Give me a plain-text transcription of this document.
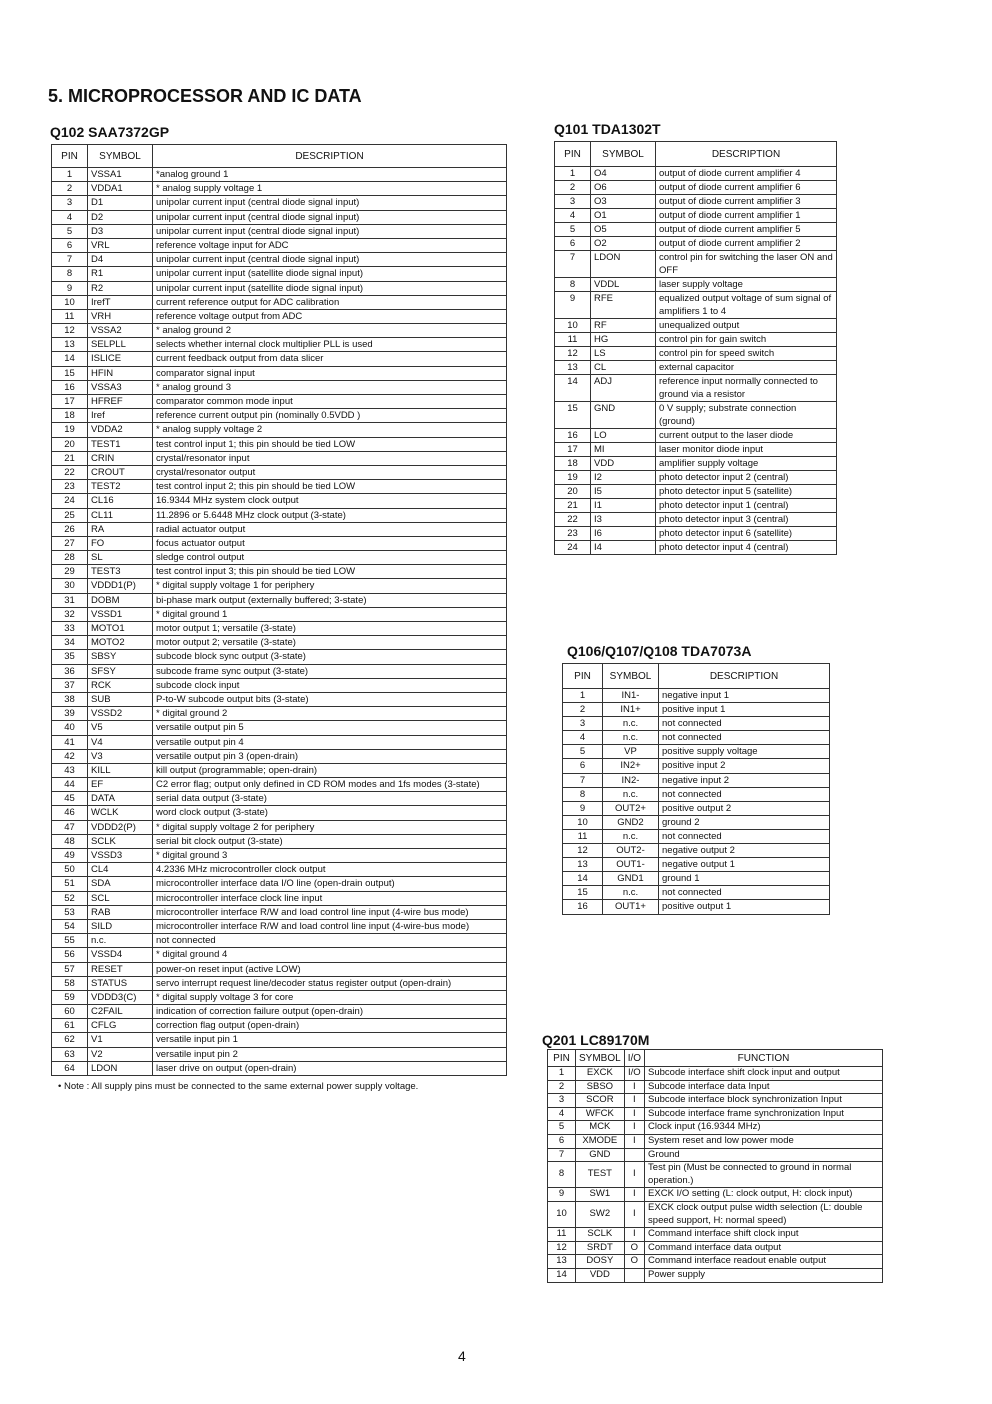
5. MICROPROCESSOR AND IC DATA
Q102 SAA7372GP
PIN	SYMBOL	DESCRIPTION
1	VSSA1	*analog ground 1
2	VDDA1	* analog supply voltage 1
3	D1	unipolar current input (central diode signal input)
4	D2	unipolar current input (central diode signal input)
5	D3	unipolar current input (central diode signal input)
6	VRL	reference voltage input for ADC
7	D4	unipolar current input (central diode signal input)
8	R1	unipolar current input (satellite diode signal input)
9	R2	unipolar current input (satellite diode signal input)
10	IrefT	current reference output for ADC calibration
11	VRH	reference voltage output from ADC
12	VSSA2	* analog ground 2
13	SELPLL	selects whether internal clock multiplier PLL is used
14	ISLICE	current feedback output from data slicer
15	HFIN	comparator signal input
16	VSSA3	* analog ground 3
17	HFREF	comparator common mode input
18	Iref	reference current output pin (nominally 0.5VDD )
19	VDDA2	* analog supply voltage 2
20	TEST1	test control input 1; this pin should be tied LOW
21	CRIN	crystal/resonator input
22	CROUT	crystal/resonator output
23	TEST2	test control input 2; this pin should be tied LOW
24	CL16	16.9344 MHz system clock output
25	CL11	11.2896 or 5.6448 MHz clock output (3-state)
26	RA	radial actuator output
27	FO	focus actuator output
28	SL	sledge control output
29	TEST3	test control input 3; this pin should be tied LOW
30	VDDD1(P)	* digital supply voltage 1 for periphery
31	DOBM	bi-phase mark output (externally buffered; 3-state)
32	VSSD1	* digital ground 1
33	MOTO1	motor output 1; versatile (3-state)
34	MOTO2	motor output 2; versatile (3-state)
35	SBSY	subcode block sync output (3-state)
36	SFSY	subcode frame sync output (3-state)
37	RCK	subcode clock input
38	SUB	P-to-W subcode output bits (3-state)
39	VSSD2	* digital ground 2
40	V5	versatile output pin 5
41	V4	versatile output pin 4
42	V3	versatile output pin 3 (open-drain)
43	KILL	kill output (programmable; open-drain)
44	EF	C2 error flag; output only defined in CD ROM modes and 1fs modes (3-state)
45	DATA	serial data output (3-state)
46	WCLK	word clock output (3-state)
47	VDDD2(P)	* digital supply voltage 2 for periphery
48	SCLK	serial bit clock output (3-state)
49	VSSD3	* digital ground 3
50	CL4	4.2336 MHz microcontroller clock output
51	SDA	microcontroller interface data I/O line (open-drain output)
52	SCL	microcontroller interface clock line input
53	RAB	microcontroller interface R/W and load control line input (4-wire bus mode)
54	SILD	microcontroller interface R/W and load control line input (4-wire-bus mode)
55	n.c.	not connected
56	VSSD4	* digital ground 4
57	RESET	power-on reset input (active LOW)
58	STATUS	servo interrupt request line/decoder status register output (open-drain)
59	VDDD3(C)	* digital supply voltage 3 for core
60	C2FAIL	indication of correction failure output (open-drain)
61	CFLG	correction flag output (open-drain)
62	V1	versatile input pin 1
63	V2	versatile input pin 2
64	LDON	laser drive on output (open-drain)
• Note : All supply pins must be connected to the same external power supply voltage.
Q101 TDA1302T
PIN	SYMBOL	DESCRIPTION
1	O4	output of diode current amplifier 4
2	O6	output of diode current amplifier 6
3	O3	output of diode current amplifier 3
4	O1	output of diode current amplifier 1
5	O5	output of diode current amplifier 5
6	O2	output of diode current amplifier 2
7	LDON	control pin for switching the laser ON and OFF
8	VDDL	laser supply voltage
9	RFE	equalized output voltage of sum signal of amplifiers 1 to 4
10	RF	unequalized output
11	HG	control pin for gain switch
12	LS	control pin for speed switch
13	CL	external capacitor
14	ADJ	reference input normally connected to ground via a resistor
15	GND	0 V supply; substrate connection (ground)
16	LO	current output to the laser diode
17	MI	laser monitor diode input
18	VDD	amplifier supply voltage
19	I2	photo detector input 2 (central)
20	I5	photo detector input 5 (satellite)
21	I1	photo detector input 1 (central)
22	I3	photo detector input 3 (central)
23	I6	photo detector input 6 (satellite)
24	I4	photo detector input 4 (central)
Q106/Q107/Q108 TDA7073A
PIN	SYMBOL	DESCRIPTION
1	IN1-	negative input 1
2	IN1+	positive input 1
3	n.c.	not connected
4	n.c.	not connected
5	VP	positive supply voltage
6	IN2+	positive input 2
7	IN2-	negative input 2
8	n.c.	not connected
9	OUT2+	positive output 2
10	GND2	ground 2
11	n.c.	not connected
12	OUT2-	negative output 2
13	OUT1-	negative output 1
14	GND1	ground 1
15	n.c.	not connected
16	OUT1+	positive output 1
Q201 LC89170M
PIN	SYMBOL	I/O	FUNCTION
1	EXCK	I/O	Subcode interface shift clock input and output
2	SBSO	I	Subcode interface data Input
3	SCOR	I	Subcode interface block synchronization Input
4	WFCK	I	Subcode interface frame synchronization Input
5	MCK	I	Clock input (16.9344 MHz)
6	XMODE	I	System reset and low power mode
7	GND		Ground
8	TEST	I	Test pin (Must be connected to ground in normal operation.)
9	SW1	I	EXCK I/O setting (L: clock output, H: clock input)
10	SW2	I	EXCK clock output pulse width selection (L: double speed support, H: normal speed)
11	SCLK	I	Command interface shift clock input
12	SRDT	O	Command interface data output
13	DOSY	O	Command interface readout enable output
14	VDD		Power supply
4
